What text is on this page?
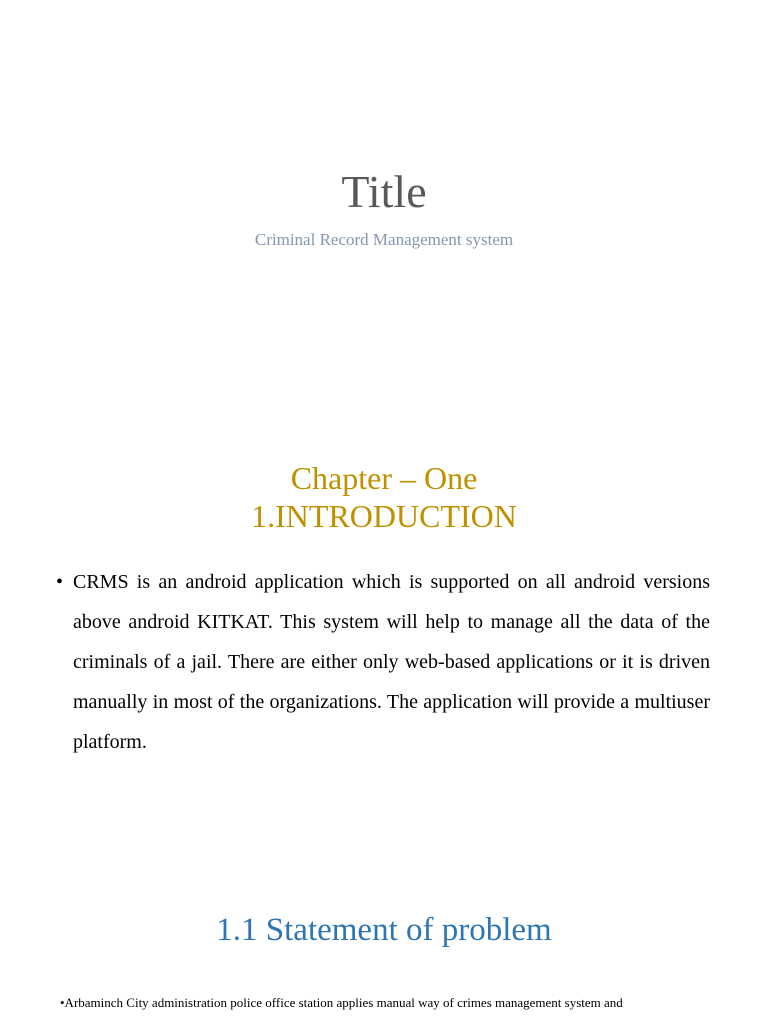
Title
Criminal Record Management system
Chapter – One
1.INTRODUCTION
• CRMS is an android application which is supported on all android versions above android KITKAT. This system will help to manage all the data of the criminals of a jail. There are either only web-based applications or it is driven manually in most of the organizations. The application will provide a multiuser platform.
1.1 Statement of problem
•Arbaminch City administration police office station applies manual way of crimes management system and
